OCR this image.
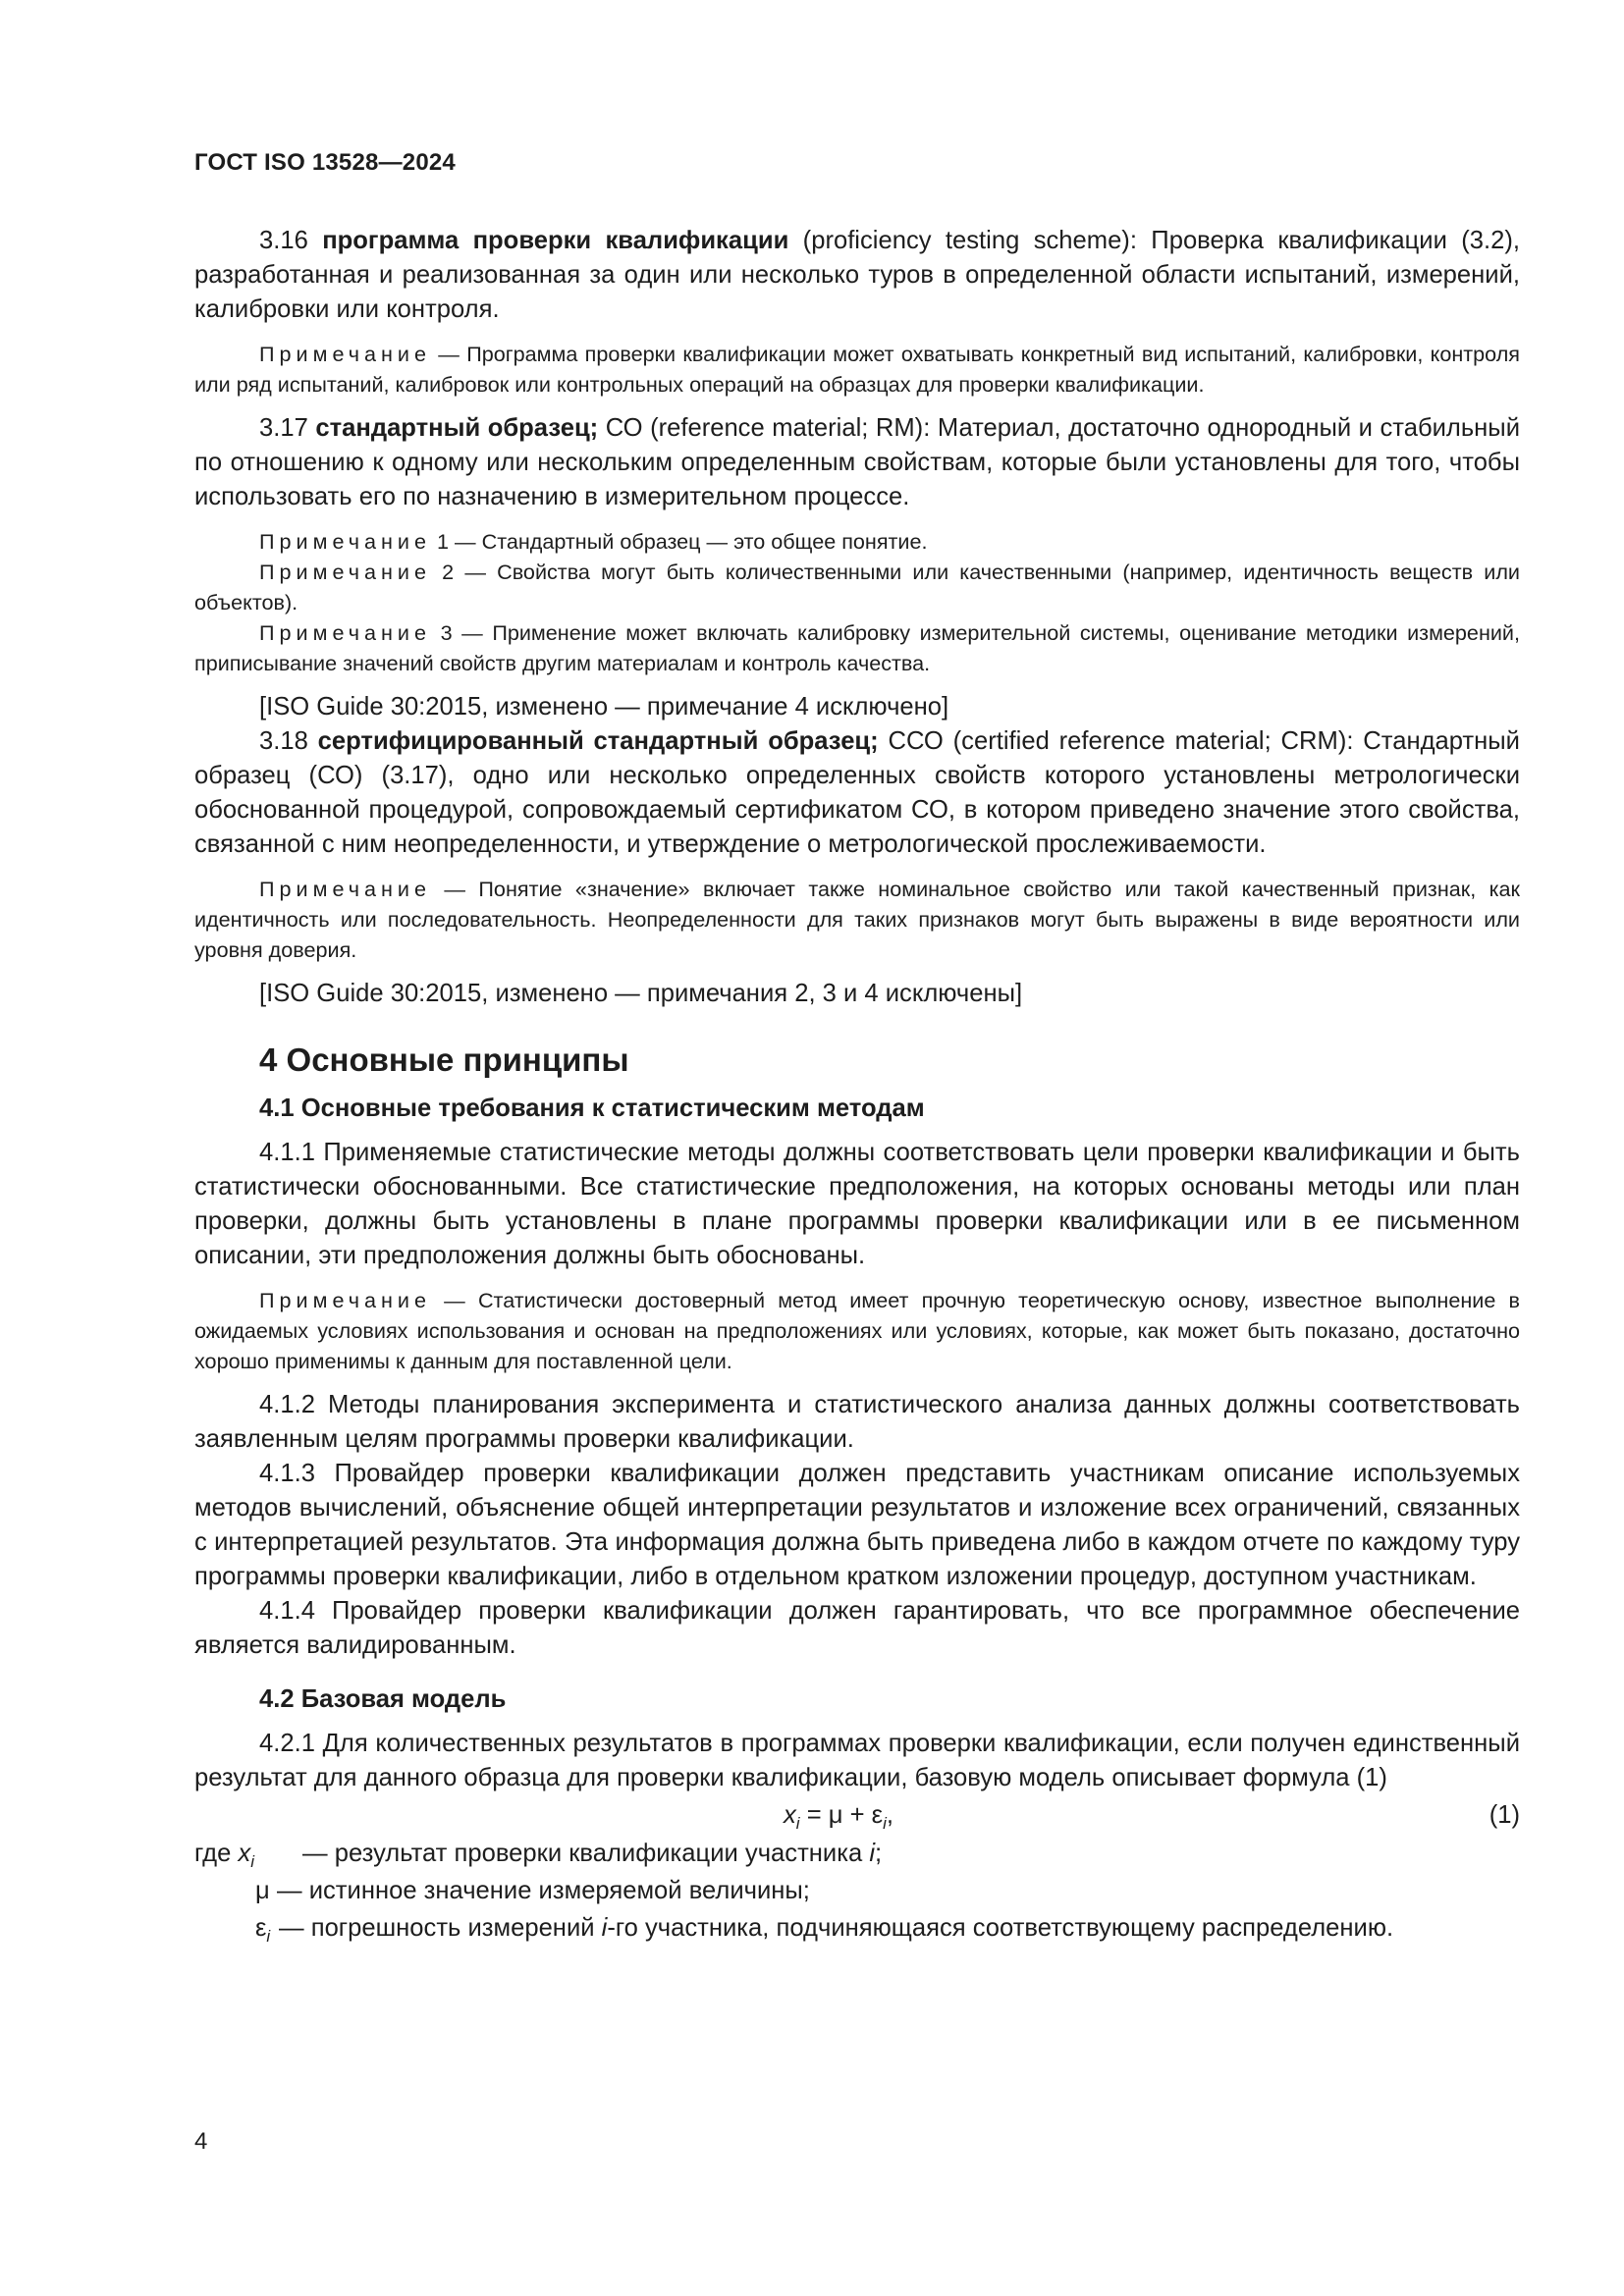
ГОСТ ISO 13528—2024

3.16 программа проверки квалификации (proficiency testing scheme): Проверка квалификации (3.2), разработанная и реализованная за один или несколько туров в определенной области испытаний, измерений, калибровки или контроля.

Примечание — Программа проверки квалификации может охватывать конкретный вид испытаний, калибровки, контроля или ряд испытаний, калибровок или контрольных операций на образцах для проверки квалификации.

3.17 стандартный образец; СО (reference material; RM): Материал, достаточно однородный и стабильный по отношению к одному или нескольким определенным свойствам, которые были установлены для того, чтобы использовать его по назначению в измерительном процессе.

Примечание 1 — Стандартный образец — это общее понятие.

Примечание 2 — Свойства могут быть количественными или качественными (например, идентичность веществ или объектов).

Примечание 3 — Применение может включать калибровку измерительной системы, оценивание методики измерений, приписывание значений свойств другим материалам и контроль качества.

[ISO Guide 30:2015, изменено — примечание 4 исключено]

3.18 сертифицированный стандартный образец; ССО (certified reference material; CRM): Стандартный образец (СО) (3.17), одно или несколько определенных свойств которого установлены метрологически обоснованной процедурой, сопровождаемый сертификатом СО, в котором приведено значение этого свойства, связанной с ним неопределенности, и утверждение о метрологической прослеживаемости.

Примечание — Понятие «значение» включает также номинальное свойство или такой качественный признак, как идентичность или последовательность. Неопределенности для таких признаков могут быть выражены в виде вероятности или уровня доверия.

[ISO Guide 30:2015, изменено — примечания 2, 3 и 4 исключены]

4 Основные принципы
4.1 Основные требования к статистическим методам

4.1.1 Применяемые статистические методы должны соответствовать цели проверки квалификации и быть статистически обоснованными. Все статистические предположения, на которых основаны методы или план проверки, должны быть установлены в плане программы проверки квалификации или в ее письменном описании, эти предположения должны быть обоснованы.

Примечание — Статистически достоверный метод имеет прочную теоретическую основу, известное выполнение в ожидаемых условиях использования и основан на предположениях или условиях, которые, как может быть показано, достаточно хорошо применимы к данным для поставленной цели.

4.1.2 Методы планирования эксперимента и статистического анализа данных должны соответствовать заявленным целям программы проверки квалификации.

4.1.3 Провайдер проверки квалификации должен представить участникам описание используемых методов вычислений, объяснение общей интерпретации результатов и изложение всех ограничений, связанных с интерпретацией результатов. Эта информация должна быть приведена либо в каждом отчете по каждому туру программы проверки квалификации, либо в отдельном кратком изложении процедур, доступном участникам.

4.1.4 Провайдер проверки квалификации должен гарантировать, что все программное обеспечение является валидированным.

4.2 Базовая модель

4.2.1 Для количественных результатов в программах проверки квалификации, если получен единственный результат для данного образца для проверки квалификации, базовую модель описывает формула (1)

$x_i = \mu + \varepsilon_i$,	(1)
где $x_i$ — результат проверки квалификации участника i;
μ — истинное значение измеряемой величины;
$\varepsilon_i$ — погрешность измерений i-го участника, подчиняющаяся соответствующему распределению.
4
